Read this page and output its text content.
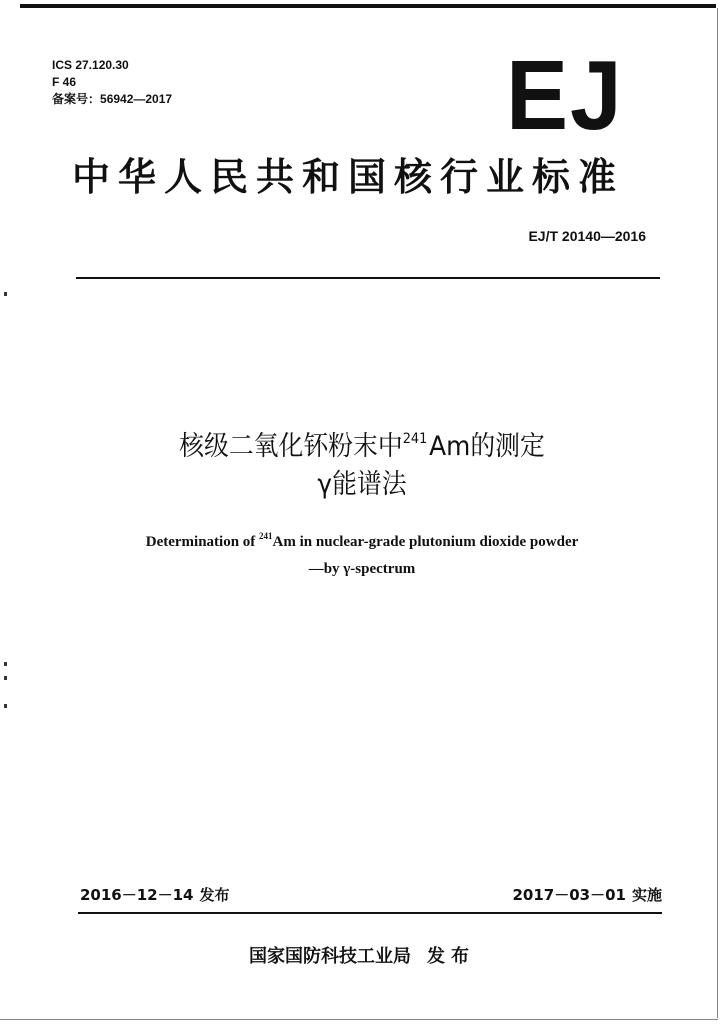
ICS 27.120.30
F 46
备案号：56942—2017	EJ
中华人民共和国核行业标准
EJ/T 20140—2016
核级二氧化钚粉末中$^{241}$Am的测定
γ能谱法
Determination of $^{241}$Am in nuclear-grade plutonium dioxide powder
—by γ-spectrum
2016－12－14 发布	2017－03－01 实施
国家国防科技工业局 发布
